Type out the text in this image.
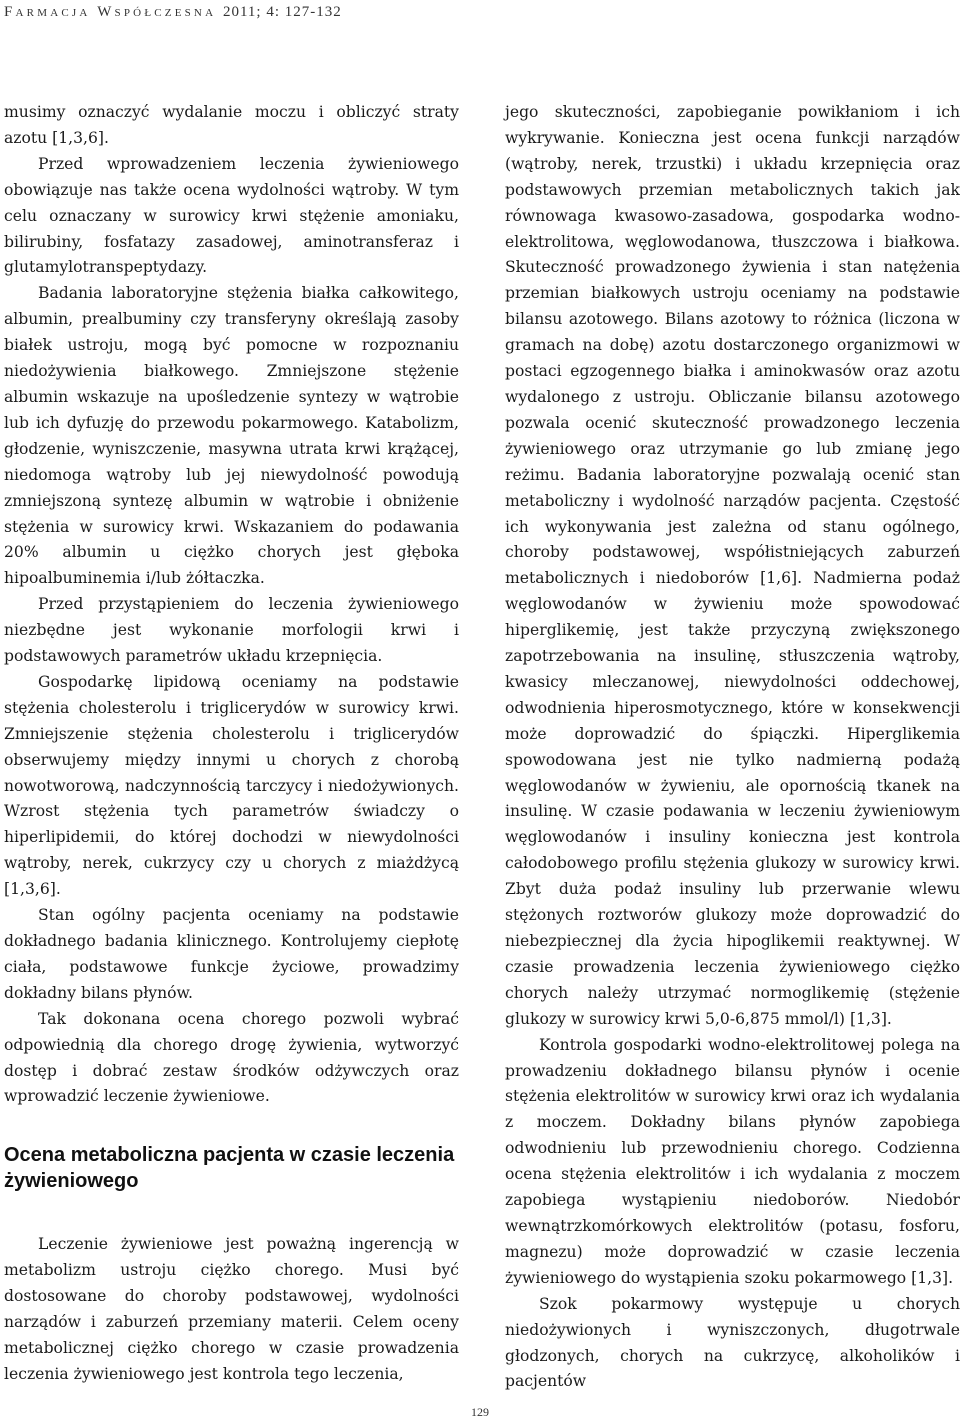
Farmacja Współczesna 2011; 4: 127-132

musimy oznaczyć wydalanie moczu i obliczyć straty azotu [1,3,6].

Przed wprowadzeniem leczenia żywieniowego obowiązuje nas także ocena wydolności wątroby. W tym celu oznaczany w surowicy krwi stężenie amoniaku, bilirubiny, fosfatazy zasadowej, aminotransferaz i glutamylotranspeptydazy.

Badania laboratoryjne stężenia białka całkowitego, albumin, prealbuminy czy transferyny określają zasoby białek ustroju, mogą być pomocne w rozpoznaniu niedożywienia białkowego. Zmniejszone stężenie albumin wskazuje na upośledzenie syntezy w wątrobie lub ich dyfuzję do przewodu pokarmowego. Katabolizm, głodzenie, wyniszczenie, masywna utrata krwi krążącej, niedomoga wątroby lub jej niewydolność powodują zmniejszoną syntezę albumin w wątrobie i obniżenie stężenia w surowicy krwi. Wskazaniem do podawania 20% albumin u ciężko chorych jest głęboka hipoalbuminemia i/lub żółtaczka.

Przed przystąpieniem do leczenia żywieniowego niezbędne jest wykonanie morfologii krwi i podstawowych parametrów układu krzepnięcia.

Gospodarkę lipidową oceniamy na podstawie stężenia cholesterolu i triglicerydów w surowicy krwi. Zmniejszenie stężenia cholesterolu i triglicerydów obserwujemy między innymi u chorych z chorobą nowotworową, nadczynnością tarczycy i niedożywionych. Wzrost stężenia tych parametrów świadczy o hiperlipidemii, do której dochodzi w niewydolności wątroby, nerek, cukrzycy czy u chorych z miażdżycą [1,3,6].

Stan ogólny pacjenta oceniamy na podstawie dokładnego badania klinicznego. Kontrolujemy ciepłotę ciała, podstawowe funkcje życiowe, prowadzimy dokładny bilans płynów.

Tak dokonana ocena chorego pozwoli wybrać odpowiednią dla chorego drogę żywienia, wytworzyć dostęp i dobrać zestaw środków odżywczych oraz wprowadzić leczenie żywieniowe.

Ocena metaboliczna pacjenta w czasie leczenia żywieniowego

Leczenie żywieniowe jest poważną ingerencją w metabolizm ustroju ciężko chorego. Musi być dostosowane do choroby podstawowej, wydolności narządów i zaburzeń przemiany materii. Celem oceny metabolicznej ciężko chorego w czasie prowadzenia leczenia żywieniowego jest kontrola tego leczenia,

jego skuteczności, zapobieganie powikłaniom i ich wykrywanie. Konieczna jest ocena funkcji narządów (wątroby, nerek, trzustki) i układu krzepnięcia oraz podstawowych przemian metabolicznych takich jak równowaga kwasowo-zasadowa, gospodarka wodno-elektrolitowa, węglowodanowa, tłuszczowa i białkowa. Skuteczność prowadzonego żywienia i stan natężenia przemian białkowych ustroju oceniamy na podstawie bilansu azotowego. Bilans azotowy to różnica (liczona w gramach na dobę) azotu dostarczonego organizmowi w postaci egzogennego białka i aminokwasów oraz azotu wydalonego z ustroju. Obliczanie bilansu azotowego pozwala ocenić skuteczność prowadzonego leczenia żywieniowego oraz utrzymanie go lub zmianę jego reżimu. Badania laboratoryjne pozwalają ocenić stan metaboliczny i wydolność narządów pacjenta. Częstość ich wykonywania jest zależna od stanu ogólnego, choroby podstawowej, współistniejących zaburzeń metabolicznych i niedoborów [1,6]. Nadmierna podaż węglowodanów w żywieniu może spowodować hiperglikemię, jest także przyczyną zwiększonego zapotrzebowania na insulinę, stłuszczenia wątroby, kwasicy mleczanowej, niewydolności oddechowej, odwodnienia hiperosmotycznego, które w konsekwencji może doprowadzić do śpiączki. Hiperglikemia spowodowana jest nie tylko nadmierną podażą węglowodanów w żywieniu, ale opornością tkanek na insulinę. W czasie podawania w leczeniu żywieniowym węglowodanów i insuliny konieczna jest kontrola całodobowego profilu stężenia glukozy w surowicy krwi. Zbyt duża podaż insuliny lub przerwanie wlewu stężonych roztworów glukozy może doprowadzić do niebezpiecznej dla życia hipoglikemii reaktywnej. W czasie prowadzenia leczenia żywieniowego ciężko chorych należy utrzymać normoglikemię (stężenie glukozy w surowicy krwi 5,0-6,875 mmol/l) [1,3].

Kontrola gospodarki wodno-elektrolitowej polega na prowadzeniu dokładnego bilansu płynów i ocenie stężenia elektrolitów w surowicy krwi oraz ich wydalania z moczem. Dokładny bilans płynów zapobiega odwodnieniu lub przewodnieniu chorego. Codzienna ocena stężenia elektrolitów i ich wydalania z moczem zapobiega wystąpieniu niedoborów. Niedobór wewnątrzkomórkowych elektrolitów (potasu, fosforu, magnezu) może doprowadzić w czasie leczenia żywieniowego do wystąpienia szoku pokarmowego [1,3].

Szok pokarmowy występuje u chorych niedożywionych i wyniszczonych, długotrwale głodzonych, chorych na cukrzycę, alkoholików i pacjentów

129
